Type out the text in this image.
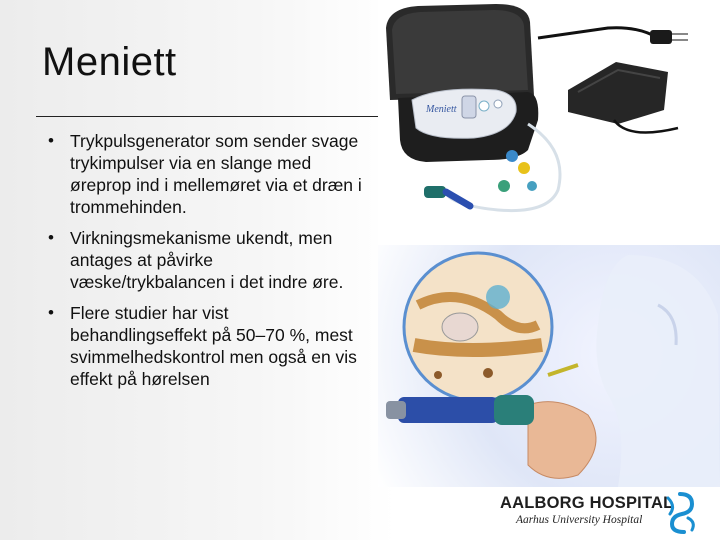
Meniett
• Trykpulsgenerator som sender svage trykimpulser via en slange med øreprop ind i mellemøret via et dræn i trommehinden.
• Virkningsmekanisme ukendt, men antages at påvirke væske/trykbalancen i det indre øre.
• Flere studier har vist behandlingseffekt på 50–70 %, mest svimmelhedskontrol men også en vis effekt på hørelsen
Meniett
AALBORG HOSPITAL
Aarhus University Hospital
